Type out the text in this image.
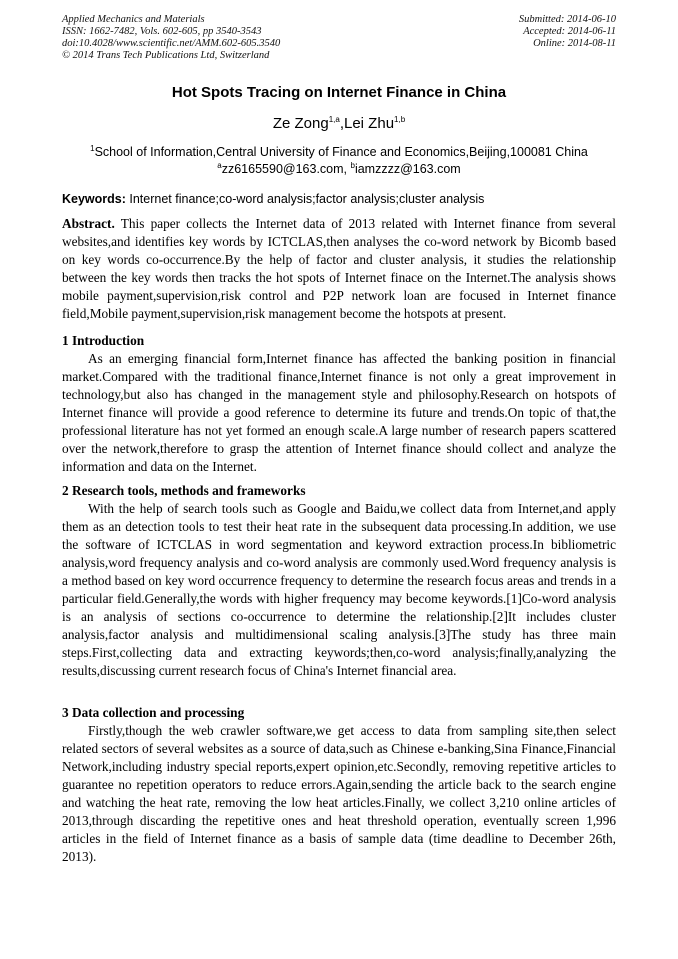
Applied Mechanics and Materials
ISSN: 1662-7482, Vols. 602-605, pp 3540-3543
doi:10.4028/www.scientific.net/AMM.602-605.3540
© 2014 Trans Tech Publications Ltd, Switzerland
Submitted: 2014-06-10
Accepted: 2014-06-11
Online: 2014-08-11
Hot Spots Tracing on Internet Finance in China
Ze Zong$^{1,a}$,Lei Zhu$^{1,b}$
$^1$School of Information,Central University of Finance and Economics,Beijing,100081 China
$^a$zz6165590@163.com, $^b$iamzzzz@163.com
Keywords: Internet finance;co-word analysis;factor analysis;cluster analysis
Abstract. This paper collects the Internet data of 2013 related with Internet finance from several websites,and identifies key words by ICTCLAS,then analyses the co-word network by Bicomb based on key words co-occurrence.By the help of factor and cluster analysis, it studies the relationship between the key words then tracks the hot spots of Internet finace on the Internet.The analysis shows mobile payment,supervision,risk control and P2P network loan are focused in Internet finance field,Mobile payment,supervision,risk management become the hotspots at present.
1 Introduction

As an emerging financial form,Internet finance has affected the banking position in financial market.Compared with the traditional finance,Internet finance is not only a great improvement in technology,but also has changed in the management style and philosophy.Research on hotspots of Internet finance will provide a good reference to determine its future and trends.On topic of that,the professional literature has not yet formed an enough scale.A large number of research papers scattered over the network,therefore to grasp the attention of Internet finance should collect and analyze the information and data on the Internet.

2 Research tools, methods and frameworks

With the help of search tools such as Google and Baidu,we collect data from Internet,and apply them as an detection tools to test their heat rate in the subsequent data processing.In addition, we use the software of ICTCLAS in word segmentation and keyword extraction process.In bibliometric analysis,word frequency analysis and co-word analysis are commonly used.Word frequency analysis is a method based on key word occurrence frequency to determine the research focus areas and trends in a particular field.Generally,the words with higher frequency may become keywords.[1]Co-word analysis is an analysis of sections co-occurrence to determine the relationship.[2]It includes cluster analysis,factor analysis and multidimensional scaling analysis.[3]The study has three main steps.First,collecting data and extracting keywords;then,co-word analysis;finally,analyzing the results,discussing current research focus of China's Internet financial area.

3 Data collection and processing

Firstly,though the web crawler software,we get access to data from sampling site,then select related sectors of several websites as a source of data,such as Chinese e-banking,Sina Finance,Financial Network,including industry special reports,expert opinion,etc.Secondly, removing repetitive articles to guarantee no repetition operators to reduce errors.Again,sending the article back to the search engine and watching the heat rate, removing the low heat articles.Finally, we collect 3,210 online articles of 2013,through discarding the repetitive ones and heat threshold operation, eventually screen 1,996 articles in the field of Internet finance as a basis of sample data (time deadline to December 26th, 2013).
